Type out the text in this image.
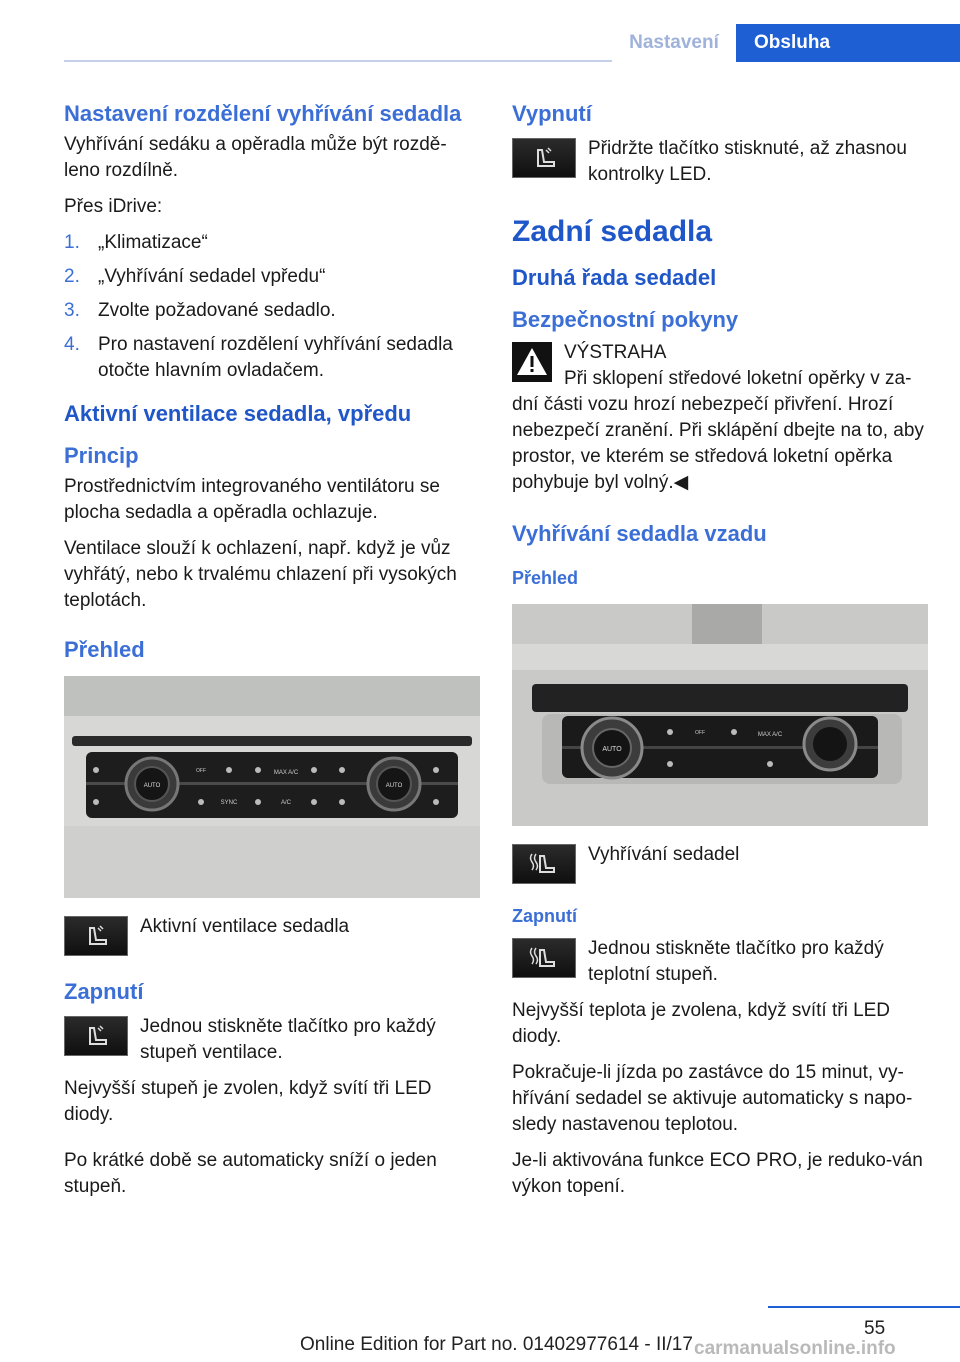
Nastavení	Obsluha
Nastavení rozdělení vyhřívání sedadla

Vyhřívání sedáku a opěradla může být rozdě‐leno rozdílně.

Přes iDrive:

1. „Klimatizace“
2. „Vyhřívání sedadel vpředu“
3. Zvolte požadované sedadlo.
4. Pro nastavení rozdělení vyhřívání sedadla otočte hlavním ovladačem.
Aktivní ventilace sedadla, vpředu
Princip

Prostřednictvím integrovaného ventilátoru se plocha sedadla a opěradla ochlazuje.

Ventilace slouží k ochlazení, např. když je vůz vyhřátý, nebo k trvalému chlazení při vysokých teplotách.

Přehled
AUTO	AUTO
OFF	MAX A/C
SYNC	A/C
Aktivní ventilace sedadla
Zapnutí
Jednou stiskněte tlačítko pro každý stupeň ventilace.

Nejvyšší stupeň je zvolen, když svítí tři LED diody.

Po krátké době se automaticky sníží o jeden stupeň.

Vypnutí
Přidržte tlačítko stisknuté, až zhasnou kontrolky LED.
Zadní sedadla
Druhá řada sedadel
Bezpečnostní pokyny
VÝSTRAHA
Při sklopení středové loketní opěrky v za‐

dní části vozu hrozí nebezpečí přivření. Hrozí nebezpečí zranění. Při sklápění dbejte na to, aby prostor, ve kterém se středová loketní opěrka pohybuje byl volný.◀

Vyhřívání sedadla vzadu
Přehled
AUTO
OFF	MAX A/C
Vyhřívání sedadel
Zapnutí
Jednou stiskněte tlačítko pro každý teplotní stupeň.

Nejvyšší teplota je zvolena, když svítí tři LED diody.

Pokračuje-li jízda po zastávce do 15 minut, vy‐hřívání sedadel se aktivuje automaticky s napo‐sledy nastavenou teplotou.

Je-li aktivována funkce ECO PRO, je reduko‐ván výkon topení.

55
Online Edition for Part no. 01402977614 - II/17 carmanualsonline.info
